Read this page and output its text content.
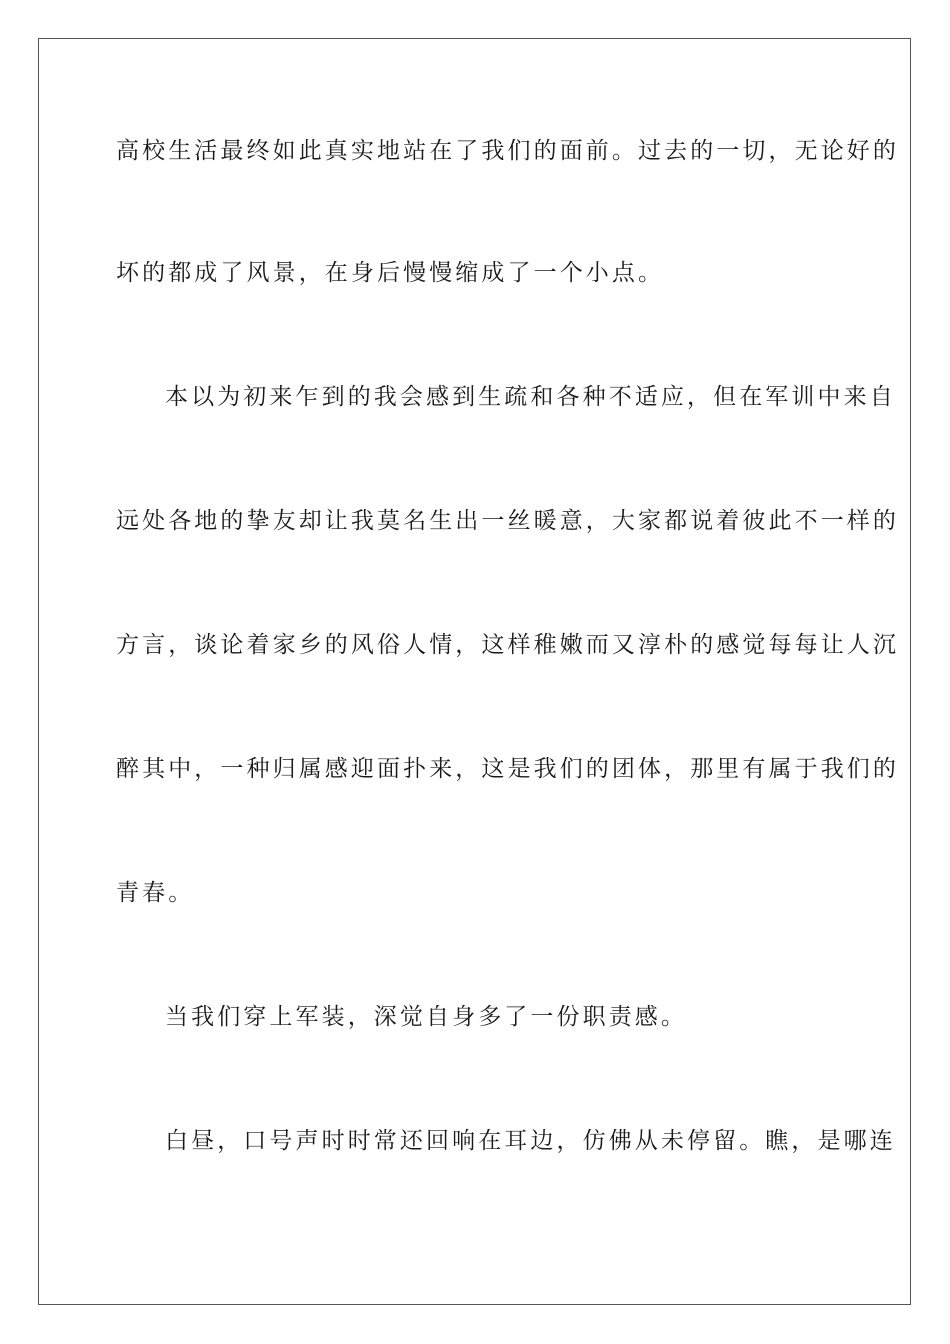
高校生活最终如此真实地站在了我们的面前。过去的一切，无论好的
坏的都成了风景，在身后慢慢缩成了一个小点。
本以为初来乍到的我会感到生疏和各种不适应，但在军训中来自
远处各地的挚友却让我莫名生出一丝暖意，大家都说着彼此不一样的
方言，谈论着家乡的风俗人情，这样稚嫩而又淳朴的感觉每每让人沉
醉其中，一种归属感迎面扑来，这是我们的团体，那里有属于我们的
青春。
当我们穿上军装，深觉自身多了一份职责感。
白昼，口号声时时常还回响在耳边，仿佛从未停留。瞧，是哪连
